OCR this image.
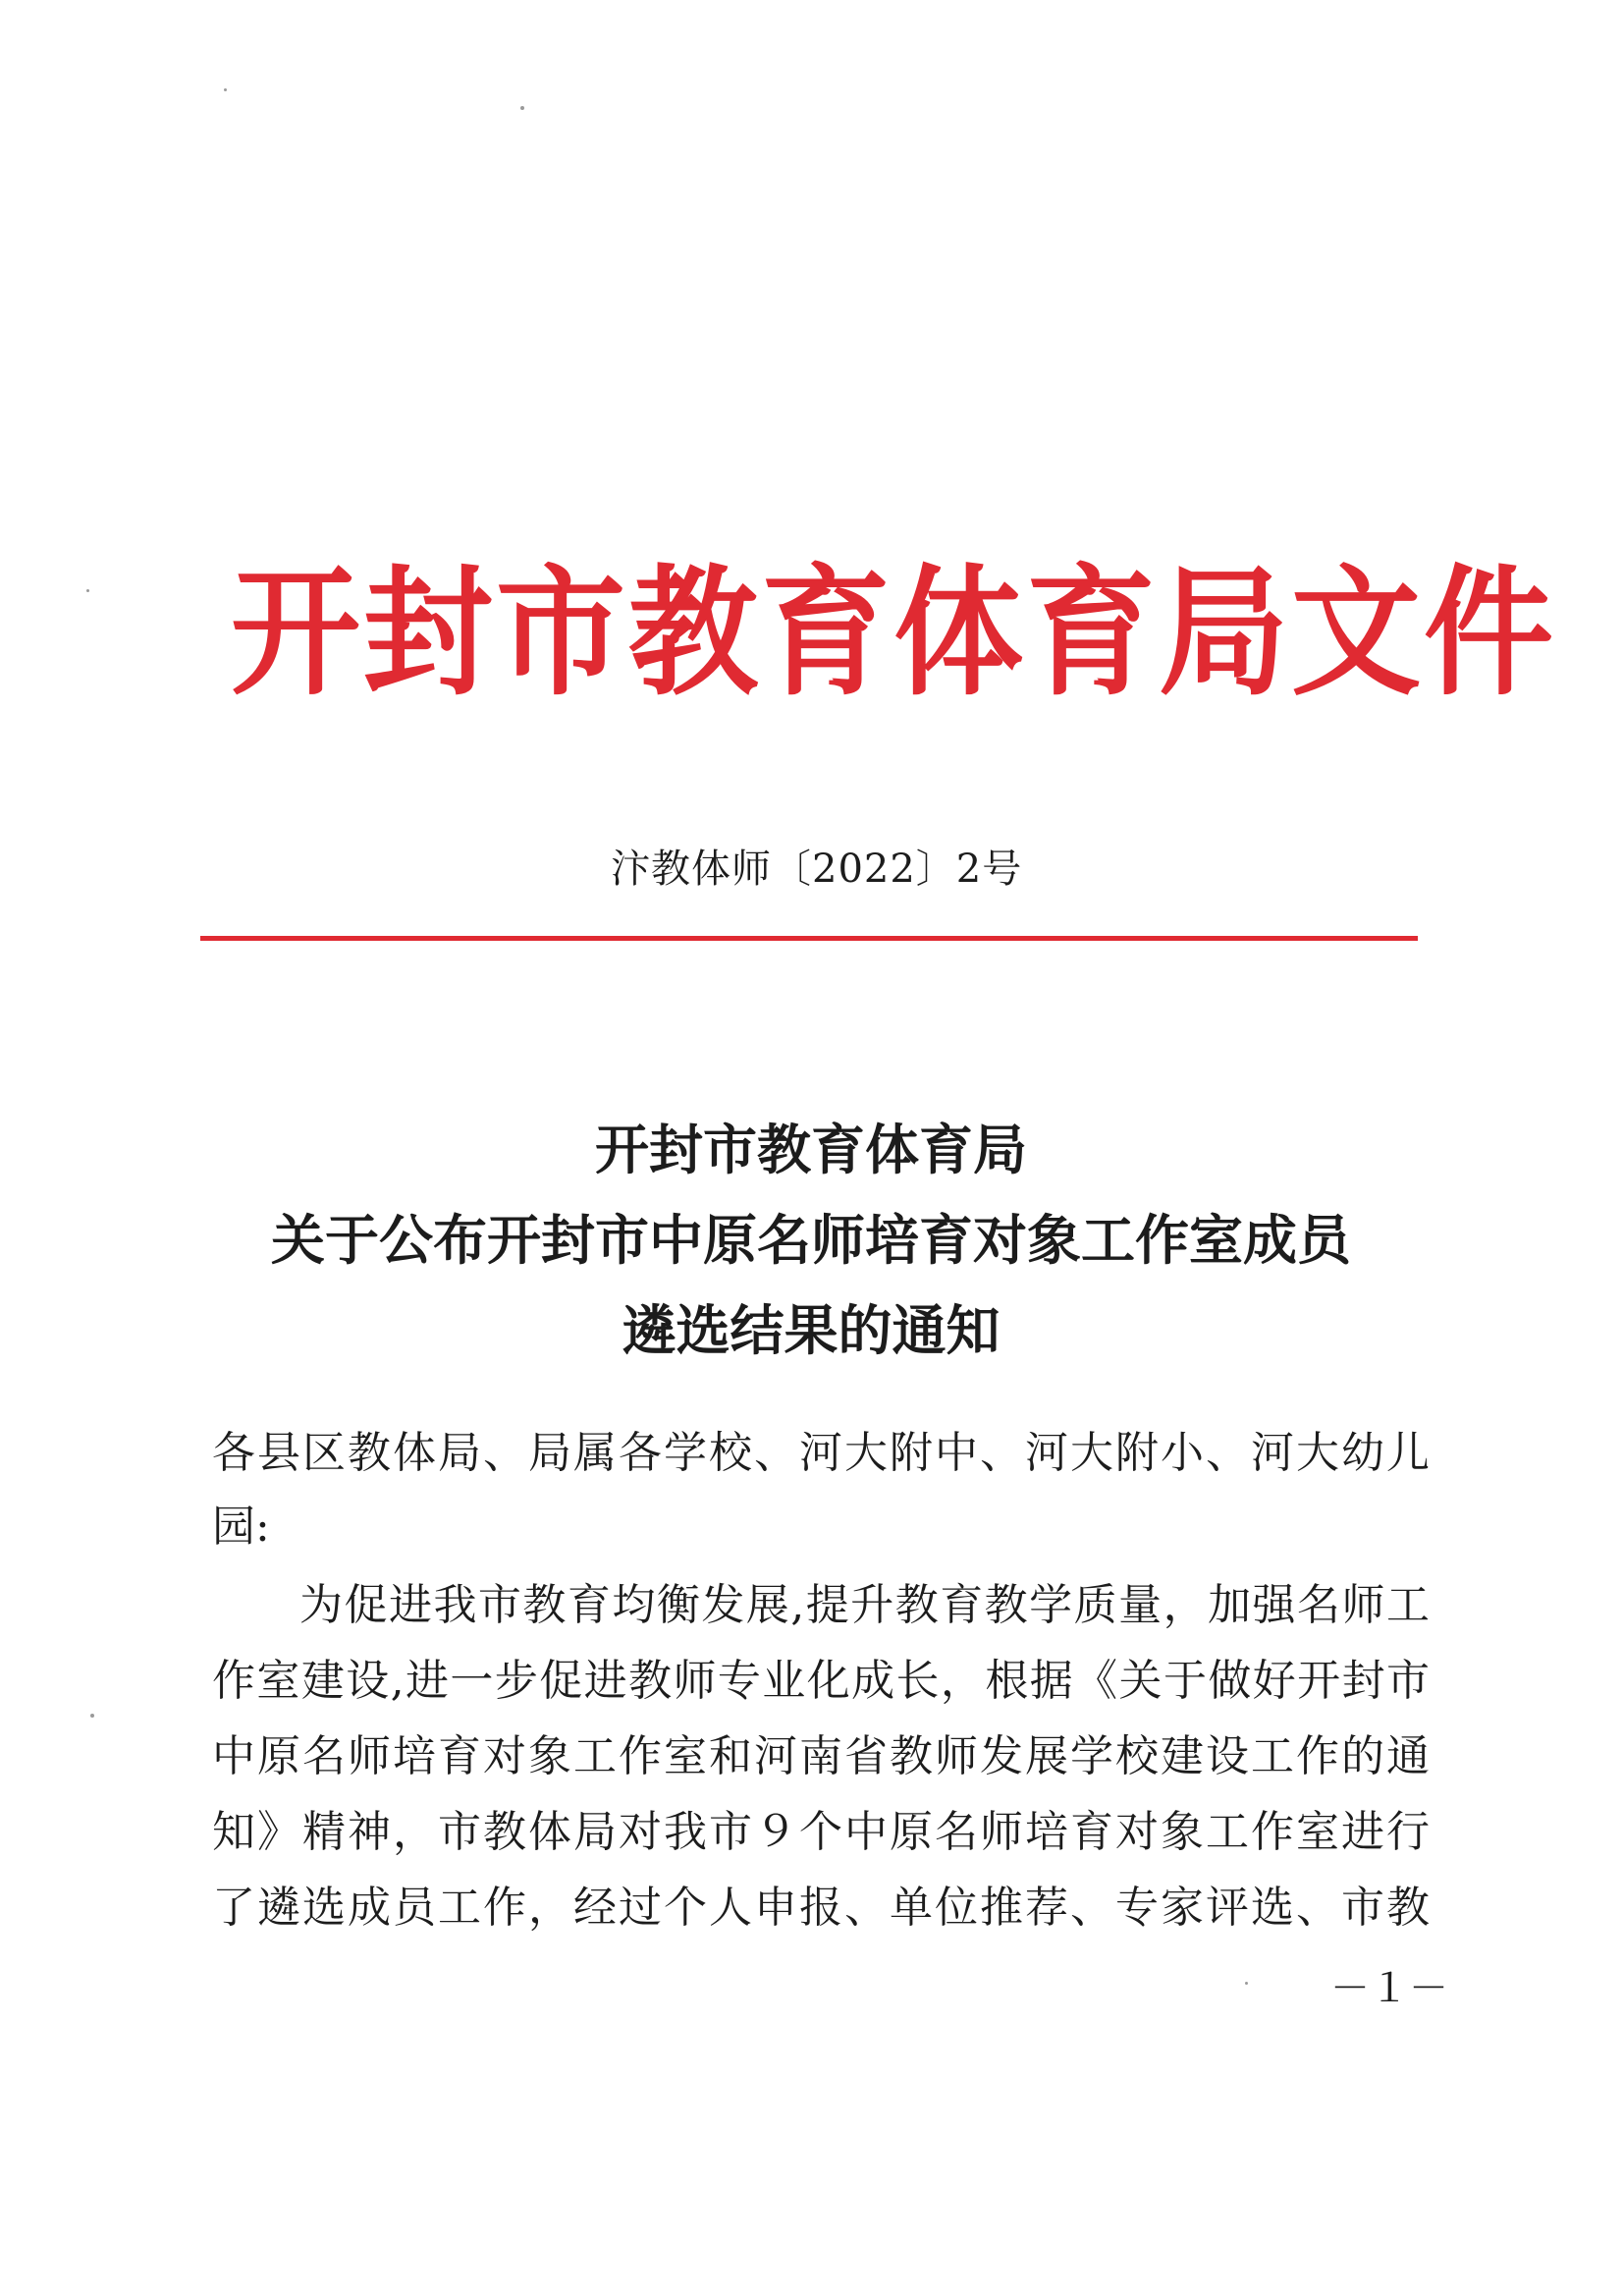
开封市教育体育局文件
汴教体师〔2022〕2号
开封市教育体育局
关于公布开封市中原名师培育对象工作室成员
遴选结果的通知
各县区教体局、局属各学校、河大附中、河大附小、河大幼儿
园:
为促进我市教育均衡发展,提升教育教学质量，加强名师工
作室建设,进一步促进教师专业化成长，根据《关于做好开封市
中原名师培育对象工作室和河南省教师发展学校建设工作的通
知》精神，市教体局对我市９个中原名师培育对象工作室进行
了遴选成员工作，经过个人申报、单位推荐、专家评选、市教
－１－
